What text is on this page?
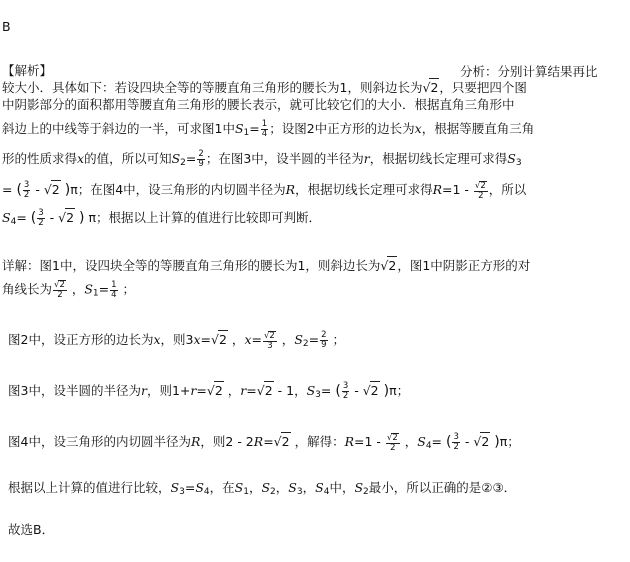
B
【解析】	分析：分别计算结果再比
较大小．具体如下：若设四块全等的等腰直角三角形的腰长为1，则斜边长为√2，只要把四个图
中阴影部分的面积都用等腰直角三角形的腰长表示，就可比较它们的大小．根据直角三角形中
斜边上的中线等于斜边的一半，可求图1中$S_1= \frac{1}{4}$ ；设图2中正方形的边长为x，根据等腰直角三角
形的性质求得x的值，所以可知$S_2= \frac{2}{9}$ ；在图3中，设半圆的半径为r，根据切线长定理可求得$S_3$
= ( $\frac{3}{2} - √2$ )π；在图4中，设三角形的内切圆半径为R，根据切线长定理可求得$R=1 - \frac{√2}{2}$ ，所以
$S_4=$ ( $\frac{3}{2} - √2$ ) π；根据以上计算的值进行比较即可判断．
详解：图1中，设四块全等的等腰直角三角形的腰长为1，则斜边长为√2，图1中阴影正方形的对
角线长为 $\frac{√2}{2}$ ，$S_1= \frac{1}{4}$ ；
图2中，设正方形的边长为x，则3x=√2 ，$x= \frac{√2}{3}$ ，$S_2= \frac{2}{9}$ ；
图3中，设半圆的半径为r，则1+r=√2 ，r=√2 - 1，$S_3=$ ( $\frac{3}{2} - √2$ )π；
图4中，设三角形的内切圆半径为R，则2 - 2R=√2 ，解得：$R=1 - \frac{√2}{2}$ ，$S_4=$ ( $\frac{3}{2} - √2$ )π；
根据以上计算的值进行比较，$S_3=S_4$，在$S_1$，$S_2$，$S_3$，$S_4$中，$S_2$最小，所以正确的是②③．
故选B．
